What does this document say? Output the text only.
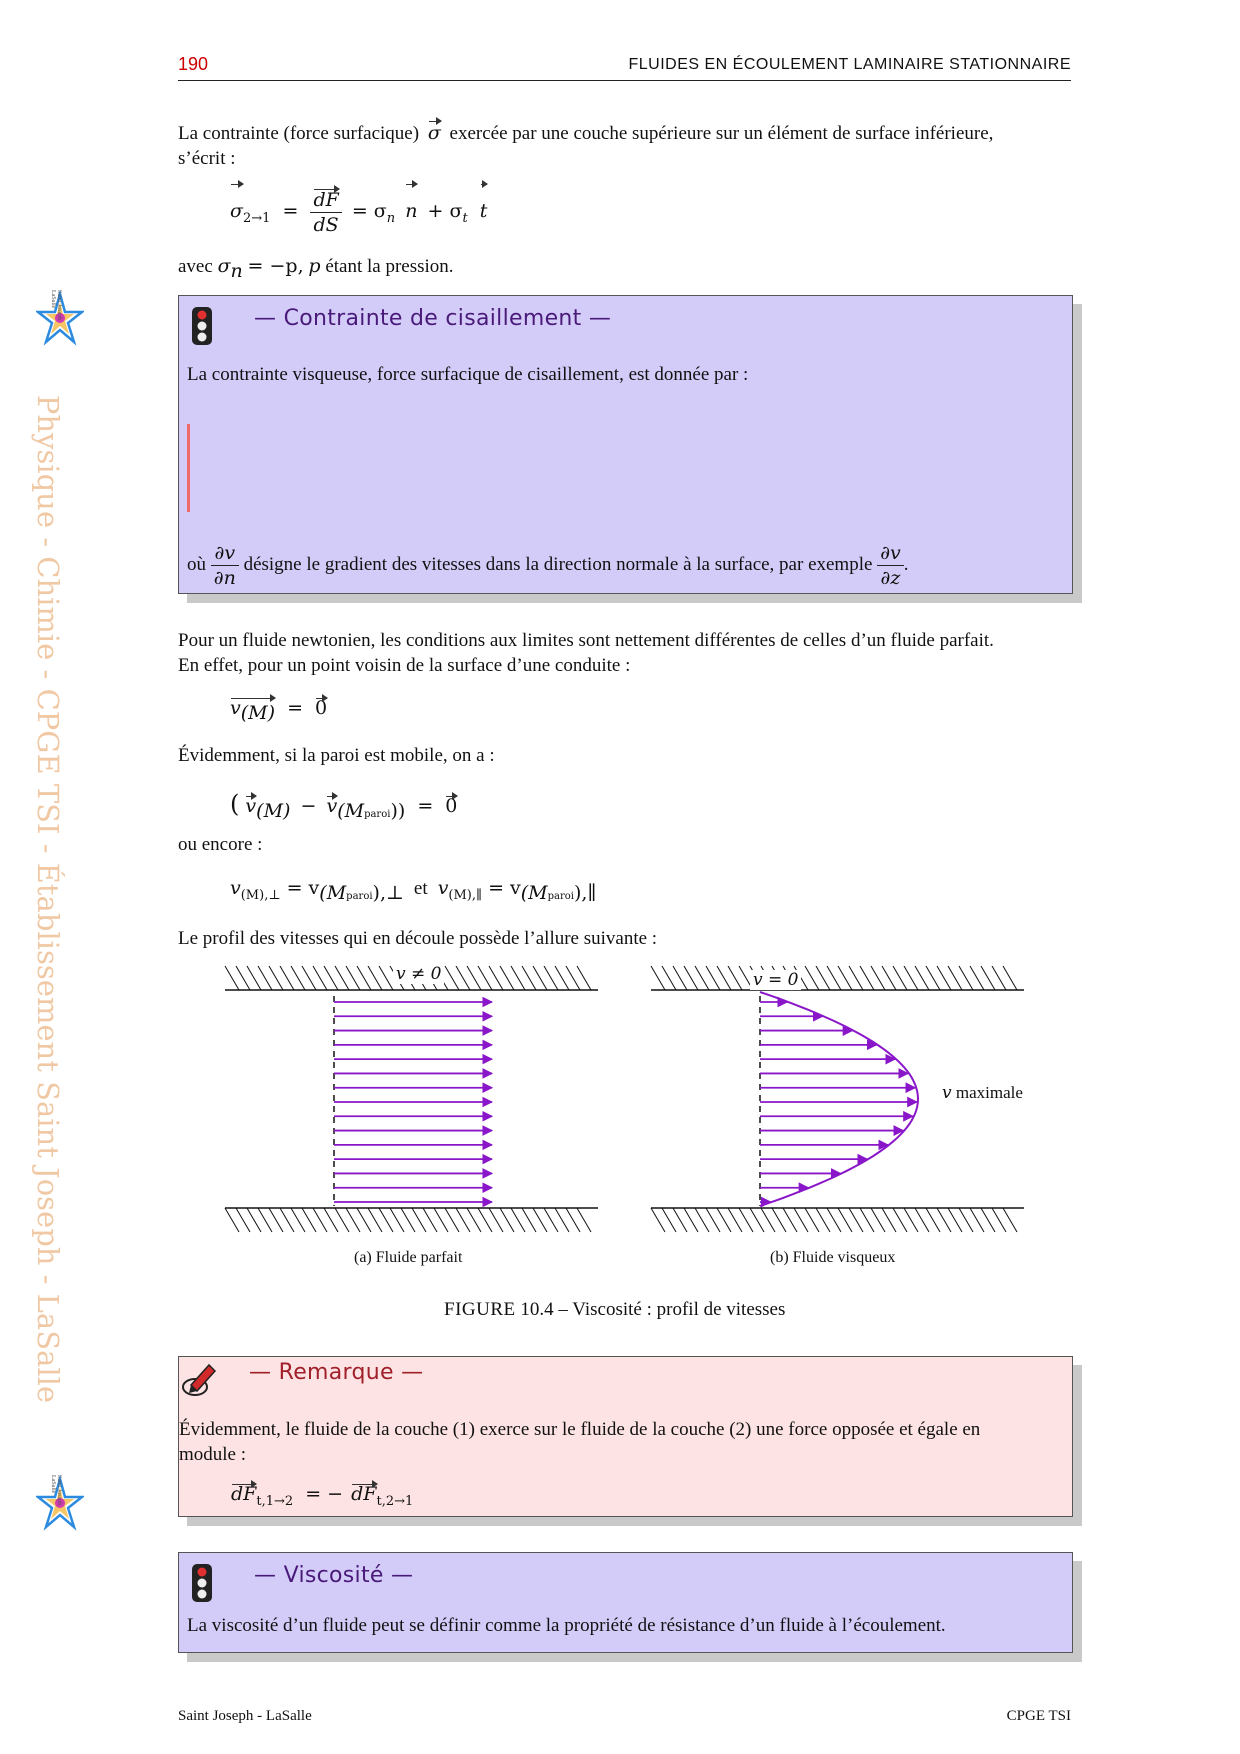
190	FLUIDES EN ÉCOULEMENT LAMINAIRE STATIONNAIRE
Physique - Chimie - CPGE TSI - Établissement Saint Joseph - LaSalle
Saint Joseph LaSalle
Saint Joseph LaSalle
La contrainte (force surfacique) σ exercée par une couche supérieure sur un élément de surface inférieure,
s’écrit :
$\sigma_{2\to 1} = \frac{dF}{dS} = \sigma_n$ $n + \sigma_t$ t
avec $\sigma_n = -p$, p étant la pression.
— Contrainte de cisaillement —
La contrainte visqueuse, force surfacique de cisaillement, est donnée par :
où $\frac{\partial v}{\partial n}$ désigne le gradient des vitesses dans la direction normale à la surface, par exemple $\frac{\partial v}{\partial z}$ .
Pour un fluide newtonien, les conditions aux limites sont nettement différentes de celles d’un fluide parfait.
En effet, pour un point voisin de la surface d’une conduite :
$v_{(M)} = 0$
Évidemment, si la paroi est mobile, on a :
( $v_{(M)} - v_{(Mparoi))} = 0$
ou encore :
$v_{(M),\perp} = v_{(Mparoi),\perp}$ et $v_{(M),\parallel} = v_{(Mparoi),\parallel}$
Le profil des vitesses qui en découle possède l’allure suivante :
v ≠ 0	v = 0
v maximale
(a) Fluide parfait	(b) Fluide visqueux
FIGURE 10.4 – Viscosité : profil de vitesses
— Remarque —
Évidemment, le fluide de la couche (1) exerce sur le fluide de la couche (2) une force opposée et égale en
module :
$dF_{t,1\to 2}$ = − $dF_{t,2\to 1}$
— Viscosité —
La viscosité d’un fluide peut se définir comme la propriété de résistance d’un fluide à l’écoulement.
Saint Joseph - LaSalle	CPGE TSI
